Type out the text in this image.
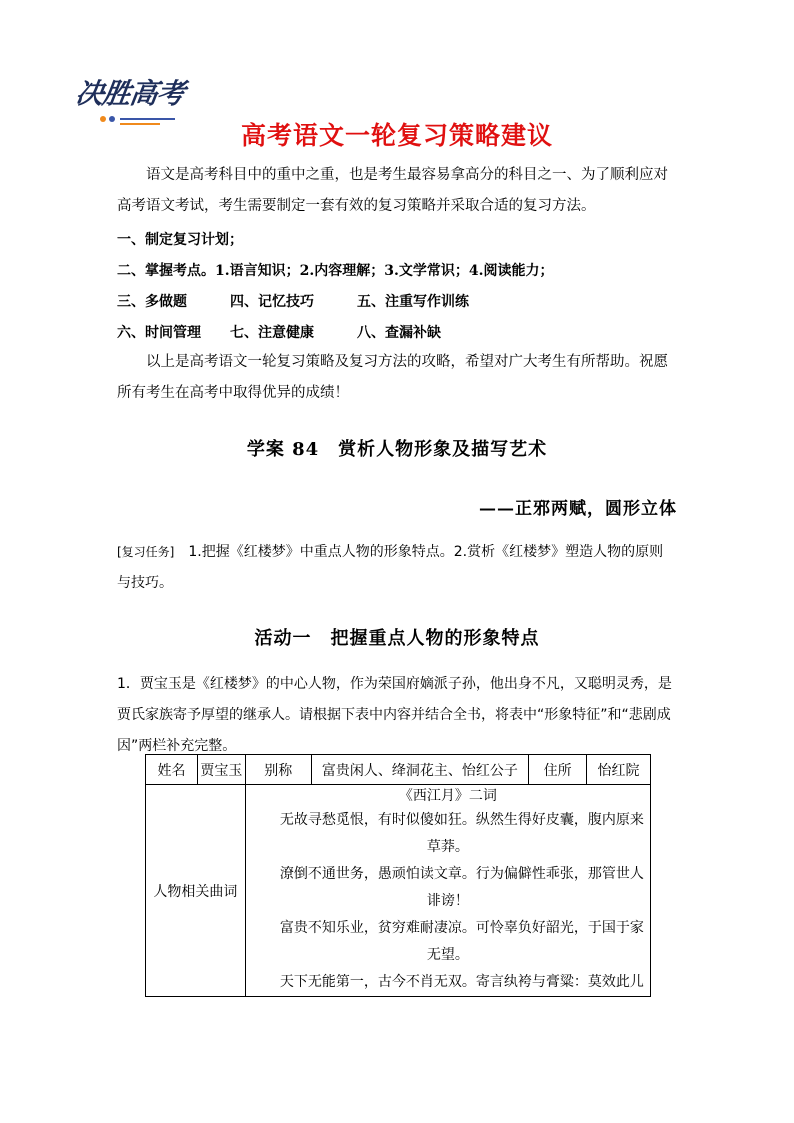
决胜高考
高考语文一轮复习策略建议

语文是高考科目中的重中之重，也是考生最容易拿高分的科目之一、为了顺利应对高考语文考试，考生需要制定一套有效的复习策略并采取合适的复习方法。

一、制定复习计划；
二、掌握考点。1.语言知识；2.内容理解；3.文学常识；4.阅读能力；
三、多做题	四、记忆技巧	五、注重写作训练
六、时间管理 七、注意健康	八、查漏补缺

以上是高考语文一轮复习策略及复习方法的攻略，希望对广大考生有所帮助。祝愿所有考生在高考中取得优异的成绩！

学案 84　赏析人物形象及描写艺术
——正邪两赋，圆形立体
[复习任务]　1.把握《红楼梦》中重点人物的形象特点。2.赏析《红楼梦》塑造人物的原则与技巧。
活动一　把握重点人物的形象特点
1．贾宝玉是《红楼梦》的中心人物，作为荣国府嫡派子孙，他出身不凡，又聪明灵秀，是贾氏家族寄予厚望的继承人。请根据下表中内容并结合全书，将表中“形象特征”和“悲剧成因”两栏补充完整。
姓名	贾宝玉	别称	富贵闲人、绛洞花主、怡红公子	住所	怡红院
人物相关曲词		《西江月》二词
无故寻愁觅恨，有时似傻如狂。纵然生得好皮囊，腹内原来草莽。
潦倒不通世务，愚顽怕读文章。行为偏僻性乖张，那管世人诽谤！
富贵不知乐业，贫穷难耐凄凉。可怜辜负好韶光，于国于家无望。
天下无能第一，古今不肖无双。寄言纨袴与膏粱：莫效此儿			
